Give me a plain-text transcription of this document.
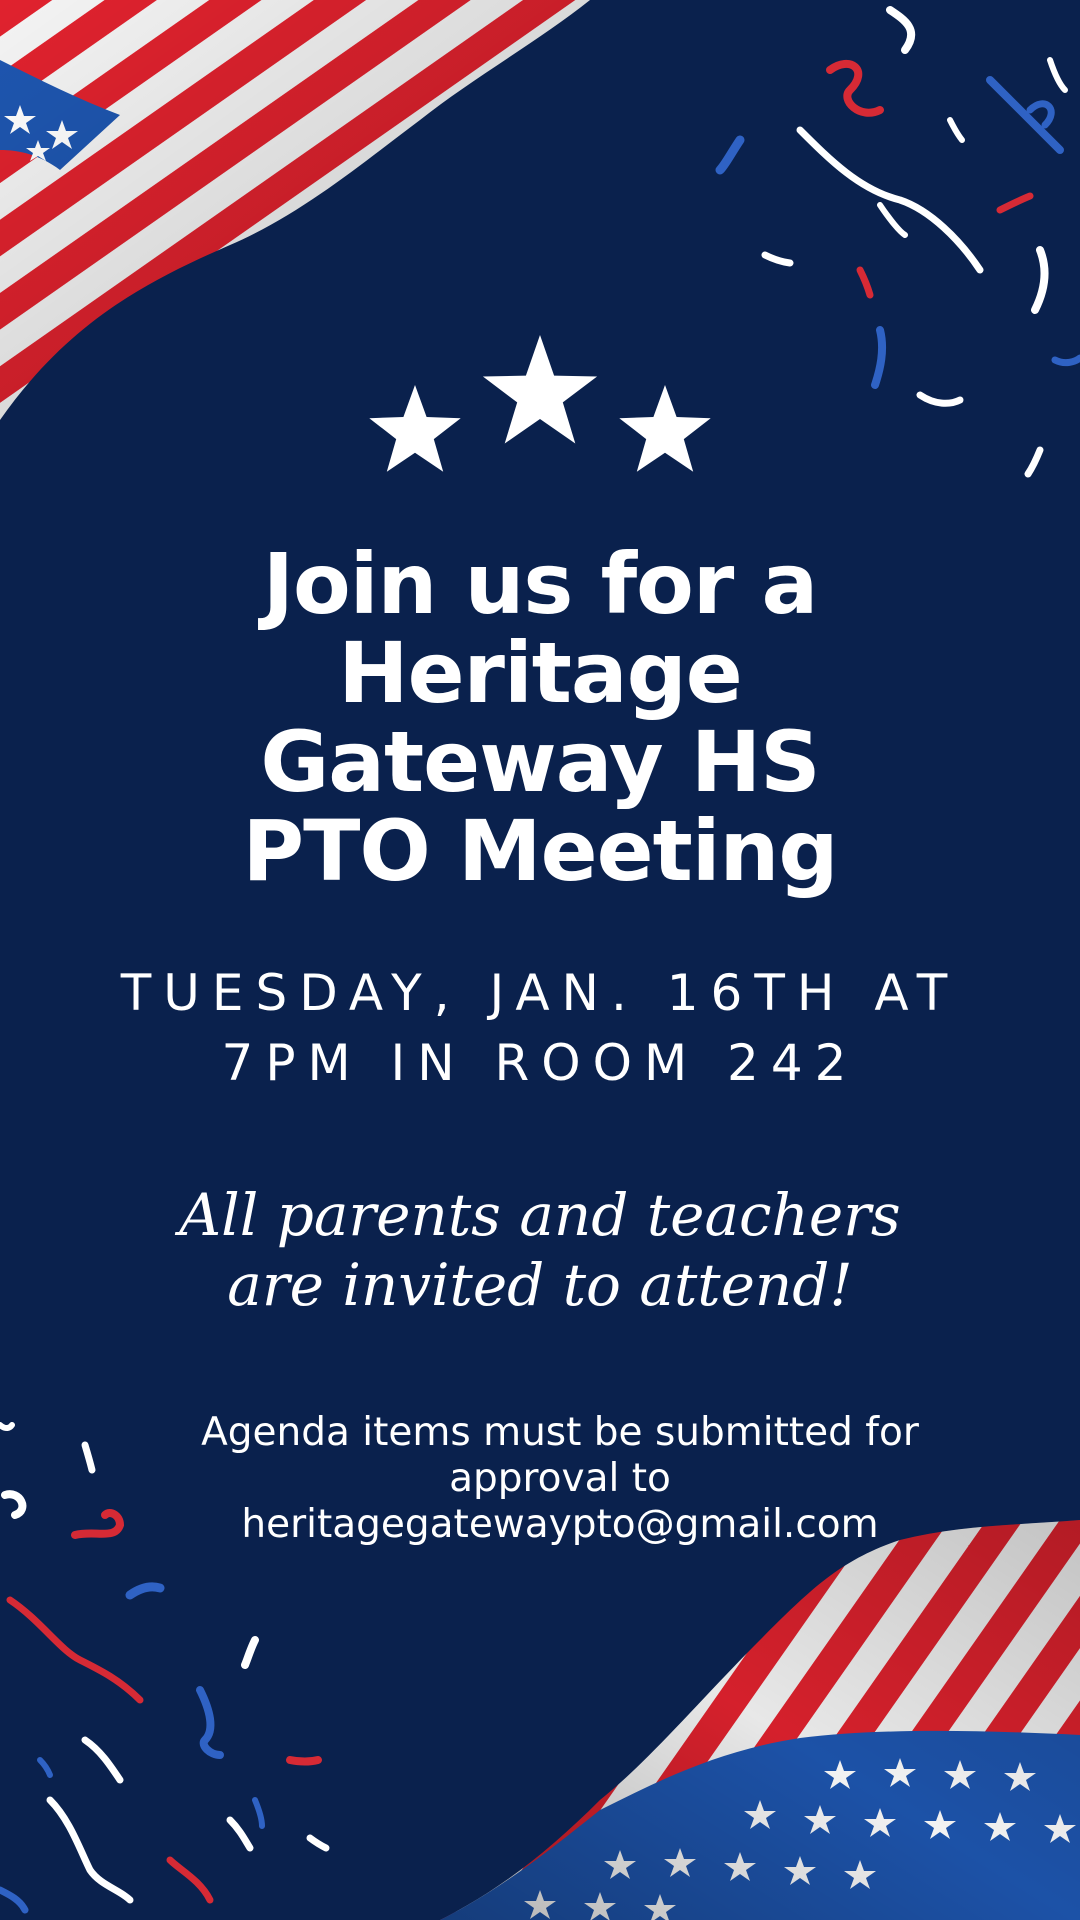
Join us for a
Heritage
Gateway HS
PTO Meeting

TUESDAY, JAN. 16TH AT
7PM IN ROOM 242

All parents and teachers
are invited to attend!

Agenda items must be submitted for
approval to
heritagegatewaypto@gmail.com
